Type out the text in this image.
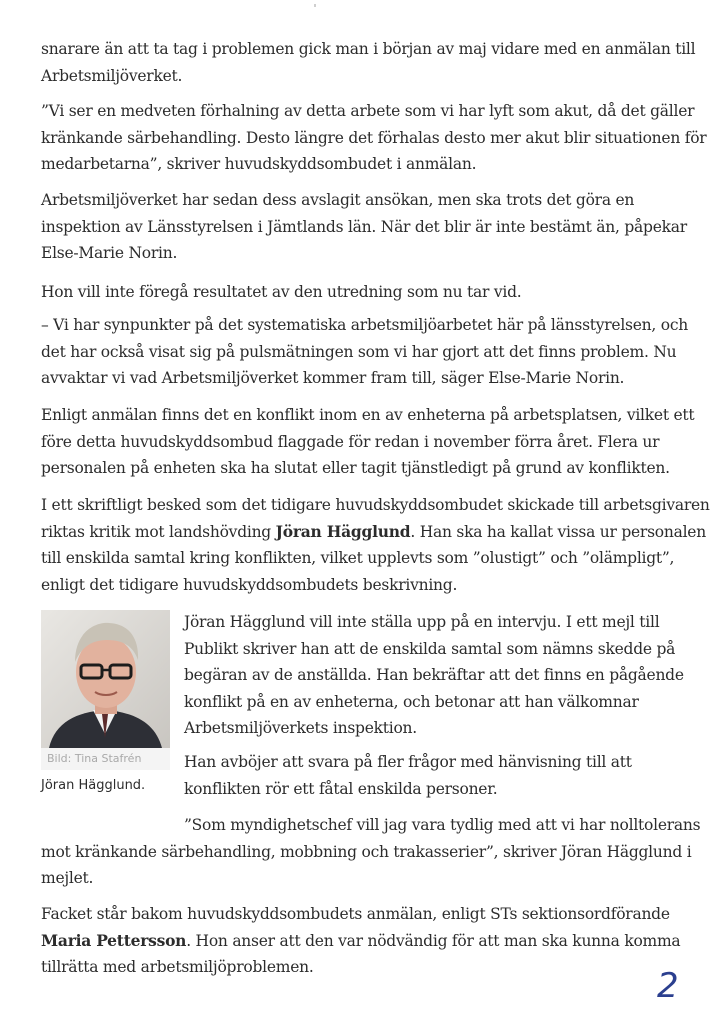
snarare än att ta tag i problemen gick man i början av maj vidare med en anmälan till
Arbetsmiljöverket.

”Vi ser en medveten förhalning av detta arbete som vi har lyft som akut, då det gäller
kränkande särbehandling. Desto längre det förhalas desto mer akut blir situationen för
medarbetarna”, skriver huvudskyddsombudet i anmälan.

Arbetsmiljöverket har sedan dess avslagit ansökan, men ska trots det göra en
inspektion av Länsstyrelsen i Jämtlands län. När det blir är inte bestämt än, påpekar
Else-Marie Norin.

Hon vill inte föregå resultatet av den utredning som nu tar vid.

– Vi har synpunkter på det systematiska arbetsmiljöarbetet här på länsstyrelsen, och
det har också visat sig på pulsmätningen som vi har gjort att det finns problem. Nu
avvaktar vi vad Arbetsmiljöverket kommer fram till, säger Else-Marie Norin.

Enligt anmälan finns det en konflikt inom en av enheterna på arbetsplatsen, vilket ett
före detta huvudskyddsombud flaggade för redan i november förra året. Flera ur
personalen på enheten ska ha slutat eller tagit tjänstledigt på grund av konflikten.

I ett skriftligt besked som det tidigare huvudskyddsombudet skickade till arbetsgivaren
riktas kritik mot landshövding Jöran Hägglund. Han ska ha kallat vissa ur personalen
till enskilda samtal kring konflikten, vilket upplevts som ”olustigt” och ”olämpligt”,
enligt det tidigare huvudskyddsombudets beskrivning.

Bild: Tina Stafrén
Jöran Hägglund.

Jöran Hägglund vill inte ställa upp på en intervju. I ett mejl till
Publikt skriver han att de enskilda samtal som nämns skedde på
begäran av de anställda. Han bekräftar att det finns en pågående
konflikt på en av enheterna, och betonar att han välkomnar
Arbetsmiljöverkets inspektion.

Han avböjer att svara på fler frågor med hänvisning till att
konflikten rör ett fåtal enskilda personer.

”Som myndighetschef vill jag vara tydlig med att vi har nolltolerans
mot kränkande särbehandling, mobbning och trakasserier”, skriver Jöran Hägglund i
mejlet.

Facket står bakom huvudskyddsombudets anmälan, enligt STs sektionsordförande
Maria Pettersson. Hon anser att den var nödvändig för att man ska kunna komma
tillrätta med arbetsmiljöproblemen.	2
